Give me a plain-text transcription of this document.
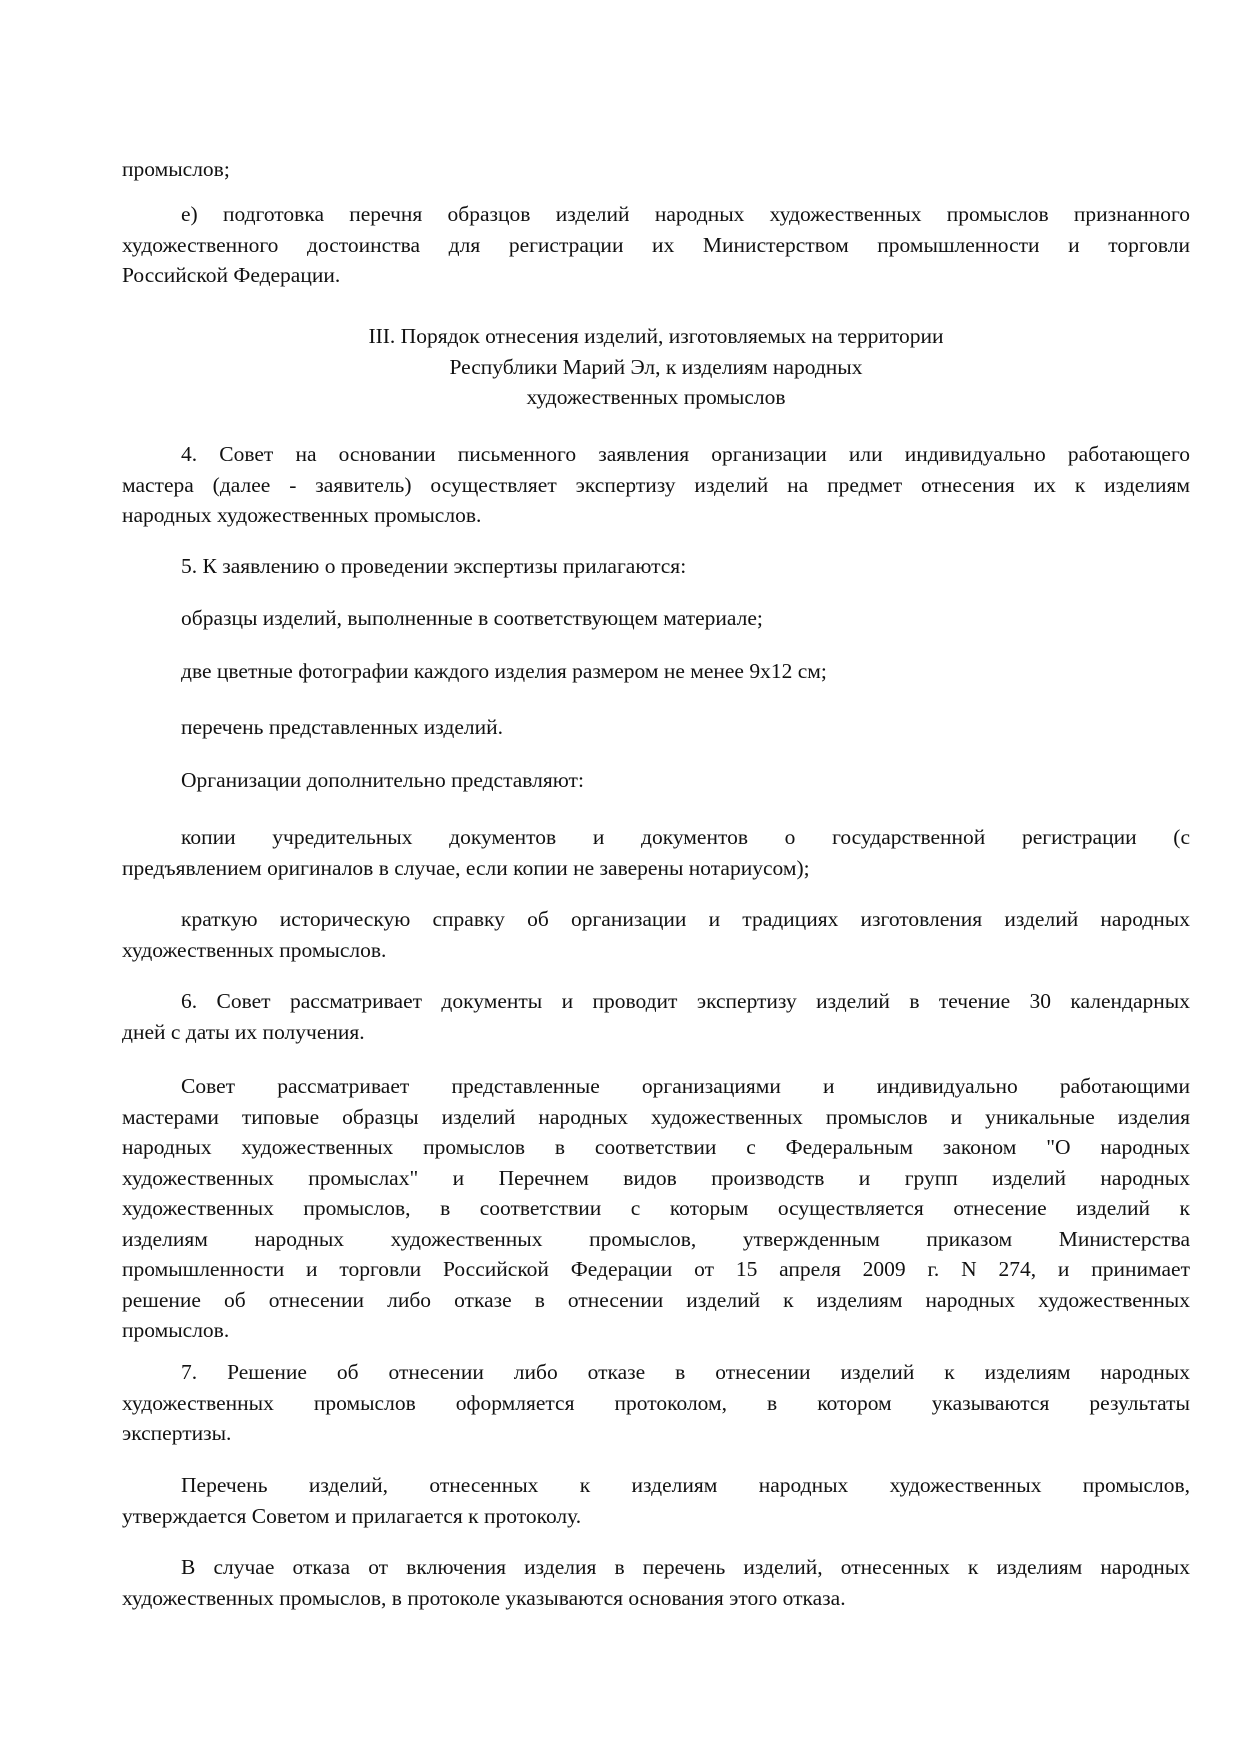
промыслов;
е) подготовка перечня образцов изделий народных художественных промыслов признанного
художественного достоинства для регистрации их Министерством промышленности и торговли
Российской Федерации.
III. Порядок отнесения изделий, изготовляемых на территории
Республики Марий Эл, к изделиям народных
художественных промыслов
4. Совет на основании письменного заявления организации или индивидуально работающего
мастера (далее - заявитель) осуществляет экспертизу изделий на предмет отнесения их к изделиям
народных художественных промыслов.
5. К заявлению о проведении экспертизы прилагаются:
образцы изделий, выполненные в соответствующем материале;
две цветные фотографии каждого изделия размером не менее 9x12 см;
перечень представленных изделий.
Организации дополнительно представляют:
копии учредительных документов и документов о государственной регистрации (с
предъявлением оригиналов в случае, если копии не заверены нотариусом);
краткую историческую справку об организации и традициях изготовления изделий народных
художественных промыслов.
6. Совет рассматривает документы и проводит экспертизу изделий в течение 30 календарных
дней с даты их получения.
Совет рассматривает представленные организациями и индивидуально работающими
мастерами типовые образцы изделий народных художественных промыслов и уникальные изделия
народных художественных промыслов в соответствии с Федеральным законом "О народных
художественных промыслах" и Перечнем видов производств и групп изделий народных
художественных промыслов, в соответствии с которым осуществляется отнесение изделий к
изделиям народных художественных промыслов, утвержденным приказом Министерства
промышленности и торговли Российской Федерации от 15 апреля 2009 г. N 274, и принимает
решение об отнесении либо отказе в отнесении изделий к изделиям народных художественных
промыслов.
7. Решение об отнесении либо отказе в отнесении изделий к изделиям народных
художественных промыслов оформляется протоколом, в котором указываются результаты
экспертизы.
Перечень изделий, отнесенных к изделиям народных художественных промыслов,
утверждается Советом и прилагается к протоколу.
В случае отказа от включения изделия в перечень изделий, отнесенных к изделиям народных
художественных промыслов, в протоколе указываются основания этого отказа.
